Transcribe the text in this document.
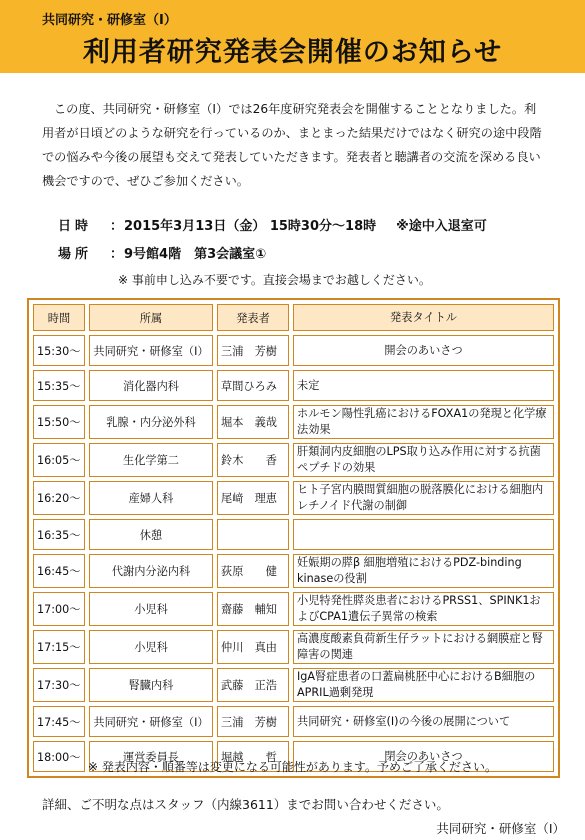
共同研究・研修室（Ⅰ）
利用者研究発表会開催のお知らせ

この度、共同研究・研修室（Ⅰ）では26年度研究発表会を開催することとなりました。利用者が日頃どのような研究を行っているのか、まとまった結果だけではなく研究の途中段階での悩みや今後の展望も交えて発表していただきます。発表者と聴講者の交流を深める良い機会ですので、ぜひご参加ください。

日時 ：2015年3月13日（金） 15時30分～18時 ※途中入退室可
場所 ：9号館4階　第3会議室①
※ 事前申し込み不要です。直接会場までお越しください。
時間	所属	発表者	発表タイトル
15:30～	共同研究・研修室（Ⅰ）	三浦　芳樹	開会のあいさつ
15:35～	消化器内科	草間ひろみ	未定
15:50～	乳腺・内分泌外科	堀本　義哉	ホルモン陽性乳癌におけるFOXA1の発現と化学療法効果
16:05～	生化学第二	鈴木　　香	肝類洞内皮細胞のLPS取り込み作用に対する抗菌ペプチドの効果
16:20～	産婦人科	尾﨑　理恵	ヒト子宮内膜間質細胞の脱落膜化における細胞内レチノイド代謝の制御
16:35～	休憩		
16:45～	代謝内分泌内科	荻原　　健	妊娠期の膵β 細胞増殖におけるPDZ-binding kinaseの役割
17:00～	小児科	齋藤　輔知	小児特発性膵炎患者におけるPRSS1、SPINK1およびCPA1遺伝子異常の検索
17:15～	小児科	仲川　真由	高濃度酸素負荷新生仔ラットにおける網膜症と腎障害の関連
17:30～	腎臓内科	武藤　正浩	IgA腎症患者の口蓋扁桃胚中心におけるB細胞のAPRIL過剰発現
17:45～	共同研究・研修室（Ⅰ）	三浦　芳樹	共同研究・研修室(Ⅰ)の今後の展開について
18:00～	運営委員長	堀越　　哲	閉会のあいさつ
※ 発表内容・順番等は変更になる可能性があります。予めご了承ください。
詳細、ご不明な点はスタッフ（内線3611）までお問い合わせください。
共同研究・研修室（Ⅰ）
